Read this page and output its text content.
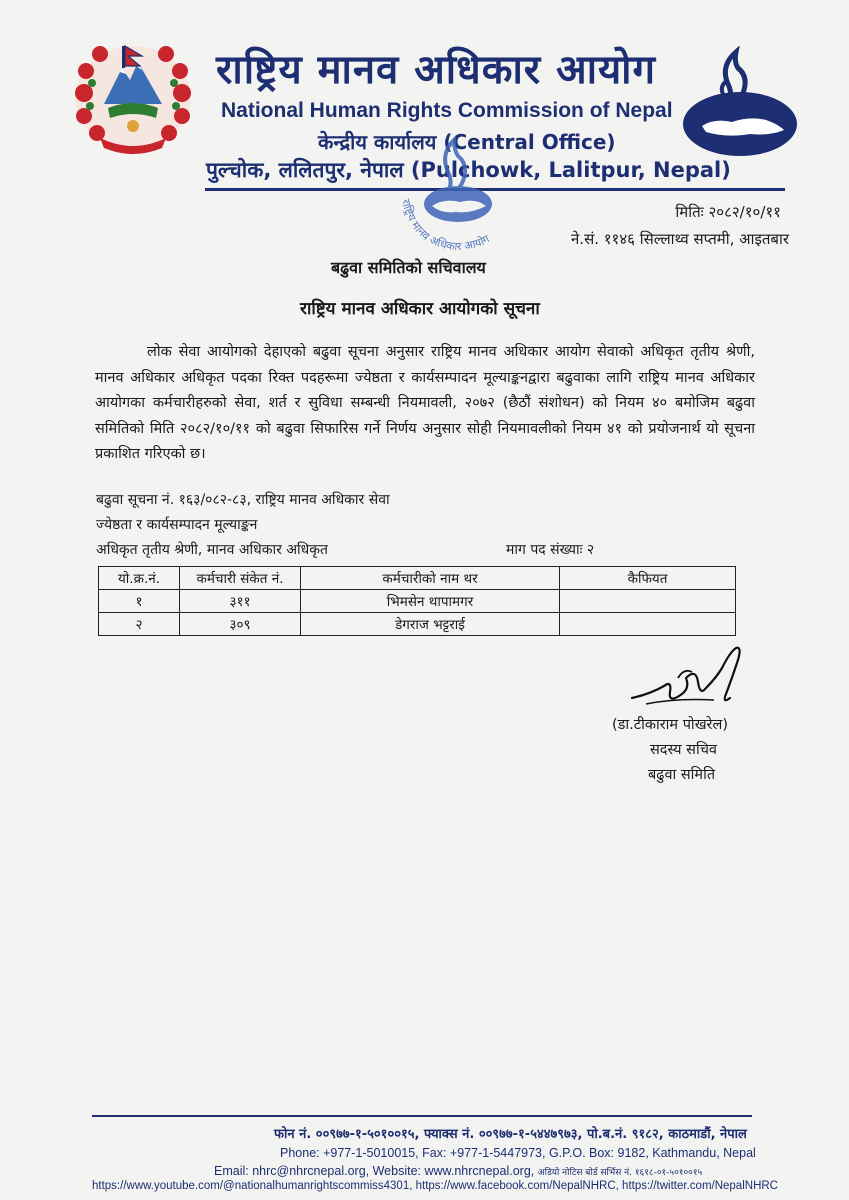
राष्ट्रिय मानव अधिकार आयोग
National Human Rights Commission of Nepal
केन्द्रीय कार्यालय (Central Office)
पुल्चोक, ललितपुर, नेपाल (Pulchowk, Lalitpur, Nepal)
राष्ट्रिय मानव अधिकार आयोग
मितिः २०८२/१०/११
ने.सं. ११४६ सिल्लाथ्व सप्तमी, आइतबार
बढुवा समितिको सचिवालय
राष्ट्रिय मानव अधिकार आयोगको सूचना
लोक सेवा आयोगको देहाएको बढुवा सूचना अनुसार राष्ट्रिय मानव अधिकार आयोग सेवाको अधिकृत तृतीय श्रेणी, मानव अधिकार अधिकृत पदका रिक्त पदहरूमा ज्येष्ठता र कार्यसम्पादन मूल्याङ्कनद्वारा बढुवाका लागि राष्ट्रिय मानव अधिकार आयोगका कर्मचारीहरुको सेवा, शर्त र सुविधा सम्बन्धी नियमावली, २०७२ (छैठौं संशोधन) को नियम ४० बमोजिम बढुवा समितिको मिति २०८२/१०/११ को बढुवा सिफारिस गर्ने निर्णय अनुसार सोही नियमावलीको नियम ४१ को प्रयोजनार्थ यो सूचना प्रकाशित गरिएको छ।
बढुवा सूचना नं. १६३/०८२-८३, राष्ट्रिय मानव अधिकार सेवा
ज्येष्ठता र कार्यसम्पादन मूल्याङ्कन
अधिकृत तृतीय श्रेणी, मानव अधिकार अधिकृत	माग पद संख्याः २
यो.क्र.नं.	कर्मचारी संकेत नं.	कर्मचारीको नाम थर	कैफियत
१	३११	भिमसेन थापामगर	
२	३०९	डेगराज भट्टराई	
(डा.टीकाराम पोखरेल)
सदस्य सचिव
बढुवा समिति
फोन नं. ००९७७-१-५०१००१५, फ्याक्स नं. ००९७७-१-५४४७९७३, पो.ब.नं. ९१८२, काठमाडौं, नेपाल
Phone: +977-1-5010015, Fax: +977-1-5447973, G.P.O. Box: 9182, Kathmandu, Nepal
Email: nhrc@nhrcnepal.org, Website: www.nhrcnepal.org, अडियो नोटिस बोर्ड सर्भिस नं. १६१८-०१-५०१००१५
https://www.youtube.com/@nationalhumanrightscommiss4301, https://www.facebook.com/NepalNHRC, https://twitter.com/NepalNHRC
